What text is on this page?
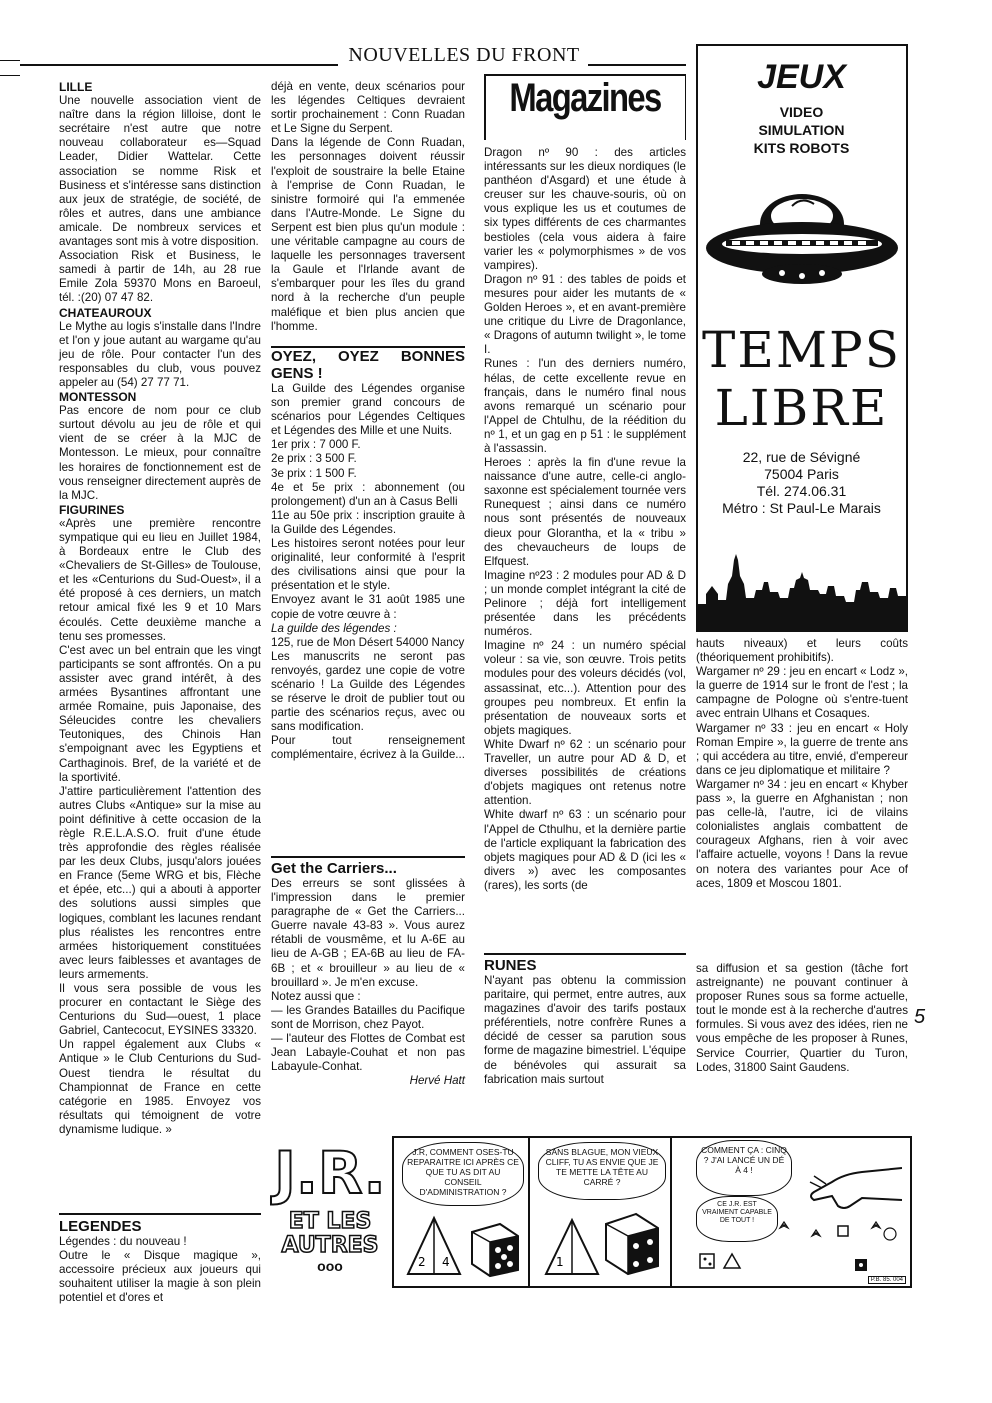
NOUVELLES DU FRONT

LILLE

Une nouvelle association vient de naître dans la région lilloise, dont le secrétaire n'est autre que notre nouveau collaborateur es—Squad Leader, Didier Wattelar. Cette association se nomme Risk et Business et s'intéresse sans distinction aux jeux de stratégie, de société, de rôles et autres, dans une ambiance amicale. De nombreux services et avantages sont mis à votre disposition.

Association Risk et Business, le samedi à partir de 14h, au 28 rue Emile Zola 59370 Mons en Baroeul, tél. :(20) 07 47 82.

CHATEAUROUX

Le Mythe au logis s'installe dans l'Indre et l'on y joue autant au wargame qu'au jeu de rôle. Pour contacter l'un des responsables du club, vous pouvez appeler au (54) 27 77 71.

MONTESSON

Pas encore de nom pour ce club surtout dévolu au jeu de rôle et qui vient de se créer à la MJC de Montesson. Le mieux, pour connaître les horaires de fonctionnement est de vous renseigner directement auprès de la MJC.

FIGURINES

«Après une première rencontre sympatique qui eu lieu en Juillet 1984, à Bordeaux entre le Club des «Chevaliers de St-Gilles» de Toulouse, et les «Centurions du Sud-Ouest», il a été proposé à ces derniers, un match retour amical fixé les 9 et 10 Mars écoulés. Cette deuxième manche a tenu ses promesses.

C'est avec un bel entrain que les vingt participants se sont affrontés. On a pu assister avec grand intérêt, à des armées Bysantines affrontant une armée Romaine, puis Japonaise, des Séleucides contre les chevaliers Teutoniques, des Chinois Han s'empoignant avec les Egyptiens et Carthaginois. Bref, de la variété et de la sportivité.

J'attire particulièrement l'attention des autres Clubs «Antique» sur la mise au point définitive à cette occasion de la règle R.E.L.A.S.O. fruit d'une étude très approfondie des règles réalisée par les deux Clubs, jusqu'alors jouées en France (5eme WRG et bis, Flèche et épée, etc...) qui a abouti à apporter des solutions aussi simples que logiques, comblant les lacunes rendant plus réalistes les rencontres entre armées historiquement constituées avec leurs faiblesses et avantages de leurs armements.

Il vous sera possible de vous les procurer en contactant le Siège des Centurions du Sud—ouest, 1 place Gabriel, Cantecocut, EYSINES 33320.

Un rappel également aux Clubs « Antique » le Club Centurions du Sud-Ouest tiendra le résultat du Championnat de France en cette catégorie en 1985. Envoyez vos résultats qui témoignent de votre dynamisme ludique. »

LEGENDES

Légendes : du nouveau !

Outre le « Disque magique », accessoire précieux aux joueurs qui souhaitent utiliser la magie à son plein potentiel et d'ores et

déjà en vente, deux scénarios pour les légendes Celtiques devraient sortir prochainement : Conn Ruadan et Le Signe du Serpent.

Dans la légende de Conn Ruadan, les personnages doivent réussir l'exploit de soustraire la belle Etaine à l'emprise de Conn Ruadan, le sinistre formoiré qui l'a emmenée dans l'Autre-Monde. Le Signe du Serpent est bien plus qu'un module : une véritable campagne au cours de laquelle les personnages traversent la Gaule et l'Irlande avant de s'embarquer pour les îles du grand nord à la recherche d'un peuple maléfique et bien plus ancien que l'homme.

OYEZ, OYEZ BONNES GENS !

La Guilde des Légendes organise son premier grand concours de scénarios pour Légendes Celtiques et Légendes des Mille et une Nuits.

1er prix : 7 000 F.

2e prix : 3 500 F.

3e prix : 1 500 F.

4e et 5e prix : abonnement (ou prolongement) d'un an à Casus Belli

11e au 50e prix : inscription grauite à la Guilde des Légendes.

Les histoires seront notées pour leur originalité, leur conformité à l'esprit des civilisations ainsi que pour la présentation et le style.

Envoyez avant le 31 août 1985 une copie de votre œuvre à :

La guilde des légendes :

125, rue de Mon Désert 54000 Nancy

Les manuscrits ne seront pas renvoyés, gardez une copie de votre scénario ! La Guilde des Légendes se réserve le droit de publier tout ou partie des scénarios reçus, avec ou sans modification.

Pour tout renseignement complémentaire, écrivez à la Guilde...

Get the Carriers...

Des erreurs se sont glissées à l'impression dans le premier paragraphe de « Get the Carriers... Guerre navale 43-83 ». Vous aurez rétabli de vousmême, et lu A-6E au lieu de A-GB ; EA-6B au lieu de FA-6B ; et « brouilleur » au lieu de « brouillard ». Je m'en excuse.

Notez aussi que :

— les Grandes Batailles du Pacifique sont de Morrison, chez Payot.

— l'auteur des Flottes de Combat est Jean Labayle-Couhat et non pas Labayule-Conhat.

Hervé Hatt

Magazines

Dragon nº 90 : des articles intéressants sur les dieux nordiques (le panthéon d'Asgard) et une étude à creuser sur les chauve-souris, où on vous explique les us et coutumes de six types différents de ces charmantes bestioles (cela vous aidera à faire varier les « polymorphismes » de vos vampires).

Dragon nº 91 : des tables de poids et mesures pour aider les mutants de « Golden Heroes », et en avant-première une critique du Livre de Dragonlance, « Dragons of autumn twilight », le tome I.

Runes : l'un des derniers numéro, hélas, de cette excellente revue en français, dans le numéro final nous avons remarqué un scénario pour l'Appel de Chtulhu, de la réédition du nº 1, et un gag en p 51 : le supplément à l'assassin.

Heroes : après la fin d'une revue la naissance d'une autre, celle-ci anglo-saxonne est spécialement tournée vers Runequest ; ainsi dans ce numéro nous sont présentés de nouveaux dieux pour Glorantha, et la « tribu » des chevaucheurs de loups de Elfquest.

Imagine nº23 : 2 modules pour AD & D ; un monde complet intégrant la cité de Pelinore ; déjà fort intelligement présentée dans les précédents numéros.

Imagine nº 24 : un numéro spécial voleur : sa vie, son œuvre. Trois petits modules pour des voleurs décidés (vol, assassinat, etc...). Attention pour des groupes peu nombreux. Et enfin la présentation de nouveaux sorts et objets magiques.

White Dwarf nº 62 : un scénario pour Traveller, un autre pour AD & D, et diverses possibilités de créations d'objets magiques ont retenus notre attention.

White dwarf nº 63 : un scénario pour l'Appel de Cthulhu, et la dernière partie de l'article expliquant la fabrication des objets magiques pour AD & D (ici les « divers ») avec les composantes (rares), les sorts (de

RUNES

N'ayant pas obtenu la commission paritaire, qui permet, entre autres, aux magazines d'avoir des tarifs postaux préférentiels, notre confrère Runes a décidé de cesser sa parution sous forme de magazine bimestriel. L'équipe de bénévoles qui assurait sa fabrication mais surtout

JEUX
VIDEO
SIMULATION
KITS ROBOTS
TEMPS
LIBRE
22, rue de Sévigné
75004 Paris
Tél. 274.06.31
Métro : St Paul-Le Marais

hauts niveaux) et leurs coûts (théoriquement prohibitifs).

Wargamer nº 29 : jeu en encart « Lodz », la guerre de 1914 sur le front de l'est ; la campagne de Pologne où s'entre-tuent avec entrain Ulhans et Cosaques.

Wargamer nº 33 : jeu en encart « Holy Roman Empire », la guerre de trente ans ; qui accédera au titre, envié, d'empereur dans ce jeu diplomatique et militaire ?

Wargamer nº 34 : jeu en encart « Khyber pass », la guerre en Afghanistan ; non pas celle-là, l'autre, ici de vilains colonialistes anglais combattent de courageux Afghans, rien à voir avec l'affaire actuelle, voyons ! Dans la revue on notera des variantes pour Ace of aces, 1809 et Moscou 1801.

sa diffusion et sa gestion (tâche fort astreignante) ne pouvant continuer à proposer Runes sous sa forme actuelle, tout le monde est à la recherche d'autres formules. Si vous avez des idées, rien ne vous empêche de les proposer à Runes, Service Courrier, Quartier du Turon, Lodes, 31800 Saint Gaudens.

5
J.R.
ET LES
AUTRES
ooo
J.R, COMMENT OSES-TU REPARAITRE ICI APRÈS CE QUE TU AS DIT AU CONSEIL D'ADMINISTRATION ?
2 4
SANS BLAGUE, MON VIEUX CLIFF, TU AS ENVIE QUE JE TE METTE LA TÊTE AU CARRÉ ?
1
COMMENT ÇA : CINQ ? J'AI LANCÉ UN DÉ À 4 !
CE J.R. EST VRAIMENT CAPABLE DE TOUT !
P.B. 85. 004
